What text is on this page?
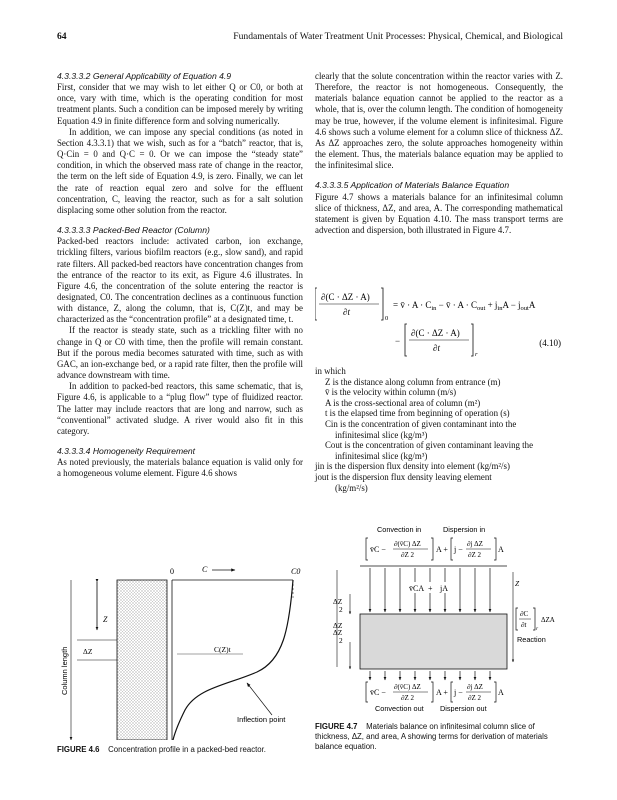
64	Fundamentals of Water Treatment Unit Processes: Physical, Chemical, and Biological

4.3.3.3.2 General Applicability of Equation 4.9

First, consider that we may wish to let either Q or C0, or both at once, vary with time, which is the operating condition for most treatment plants. Such a condition can be imposed merely by writing Equation 4.9 in finite difference form and solving numerically.

In addition, we can impose any special conditions (as noted in Section 4.3.3.1) that we wish, such as for a “batch” reactor, that is, Q·Cin = 0 and Q·C = 0. Or we can impose the “steady state” condition, in which the observed mass rate of change in the reactor, the term on the left side of Equation 4.9, is zero. Finally, we can let the rate of reaction equal zero and solve for the effluent concentration, C, leaving the reactor, such as for a salt solution displacing some other solution from the reactor.

4.3.3.3.3 Packed-Bed Reactor (Column)

Packed-bed reactors include: activated carbon, ion exchange, trickling filters, various biofilm reactors (e.g., slow sand), and rapid rate filters. All packed-bed reactors have concentration changes from the entrance of the reactor to its exit, as Figure 4.6 illustrates. In Figure 4.6, the concentration of the solute entering the reactor is designated, C0. The concentration declines as a continuous function with distance, Z, along the column, that is, C(Z)t, and may be characterized as the “concentration profile” at a designated time, t.

If the reactor is steady state, such as a trickling filter with no change in Q or C0 with time, then the profile will remain constant. But if the porous media becomes saturated with time, such as with GAC, an ion-exchange bed, or a rapid rate filter, then the profile will advance downstream with time.

In addition to packed-bed reactors, this same schematic, that is, Figure 4.6, is applicable to a “plug flow” type of fluidized reactor. The latter may include reactors that are long and narrow, such as “conventional” activated sludge. A river would also fit in this category.

4.3.3.3.4 Homogeneity Requirement

As noted previously, the materials balance equation is valid only for a homogeneous volume element. Figure 4.6 shows

clearly that the solute concentration within the reactor varies with Z. Therefore, the reactor is not homogeneous. Consequently, the materials balance equation cannot be applied to the reactor as a whole, that is, over the column length. The condition of homogeneity may be true, however, if the volume element is infinitesimal. Figure 4.6 shows such a volume element for a column slice of thickness ΔZ. As ΔZ approaches zero, the solute approaches homogeneity within the element. Thus, the materials balance equation may be applied to the infinitesimal slice.

4.3.3.3.5 Application of Materials Balance Equation

Figure 4.7 shows a materials balance for an infinitesimal column slice of thickness, ΔZ, and area, A. The corresponding mathematical statement is given by Equation 4.10. The mass transport terms are advection and dispersion, both illustrated in Figure 4.7.

∂(C · ΔZ · A)
∂t
0
= v̄ · $A \cdot C_{in}$ − v̄ · $A \cdot C_{out} + j_{in}A - j_{out}A$
−
∂(C · ΔZ · A)
∂t
r
(4.10)
in which
Z is the distance along column from entrance (m)
v̄ is the velocity within column (m/s)
A is the cross-sectional area of column (m²)
t is the elapsed time from beginning of operation (s)
Cin is the concentration of given contaminant into the
infinitesimal slice (kg/m³)
Cout is the concentration of given contaminant leaving the
infinitesimal slice (kg/m³)
jin is the dispersion flux density into element (kg/m²/s)
jout is the dispersion flux density leaving element
(kg/m²/s)
0	C	C0
Z
ΔZ
Column length	C(Z)t
Inflection point
FIGURE 4.6 Concentration profile in a packed-bed reactor.
Convection in	Dispersion in
v̄C −
∂(v̄C) ΔZ
∂Z 2
A + j −
∂j ΔZ
∂Z 2
A
v̄CA + jA
ΔZ
ΔZ
2
ΔZ
2
Z
∂C
∂t r
ΔZA
Reaction
v̄C −
∂(v̄C) ΔZ
∂Z 2
A + j −
∂j ΔZ
∂Z 2
A
Convection out Dispersion out
FIGURE 4.7 Materials balance on infinitesimal column slice of thickness, ΔZ, and area, A showing terms for derivation of materials balance equation.
